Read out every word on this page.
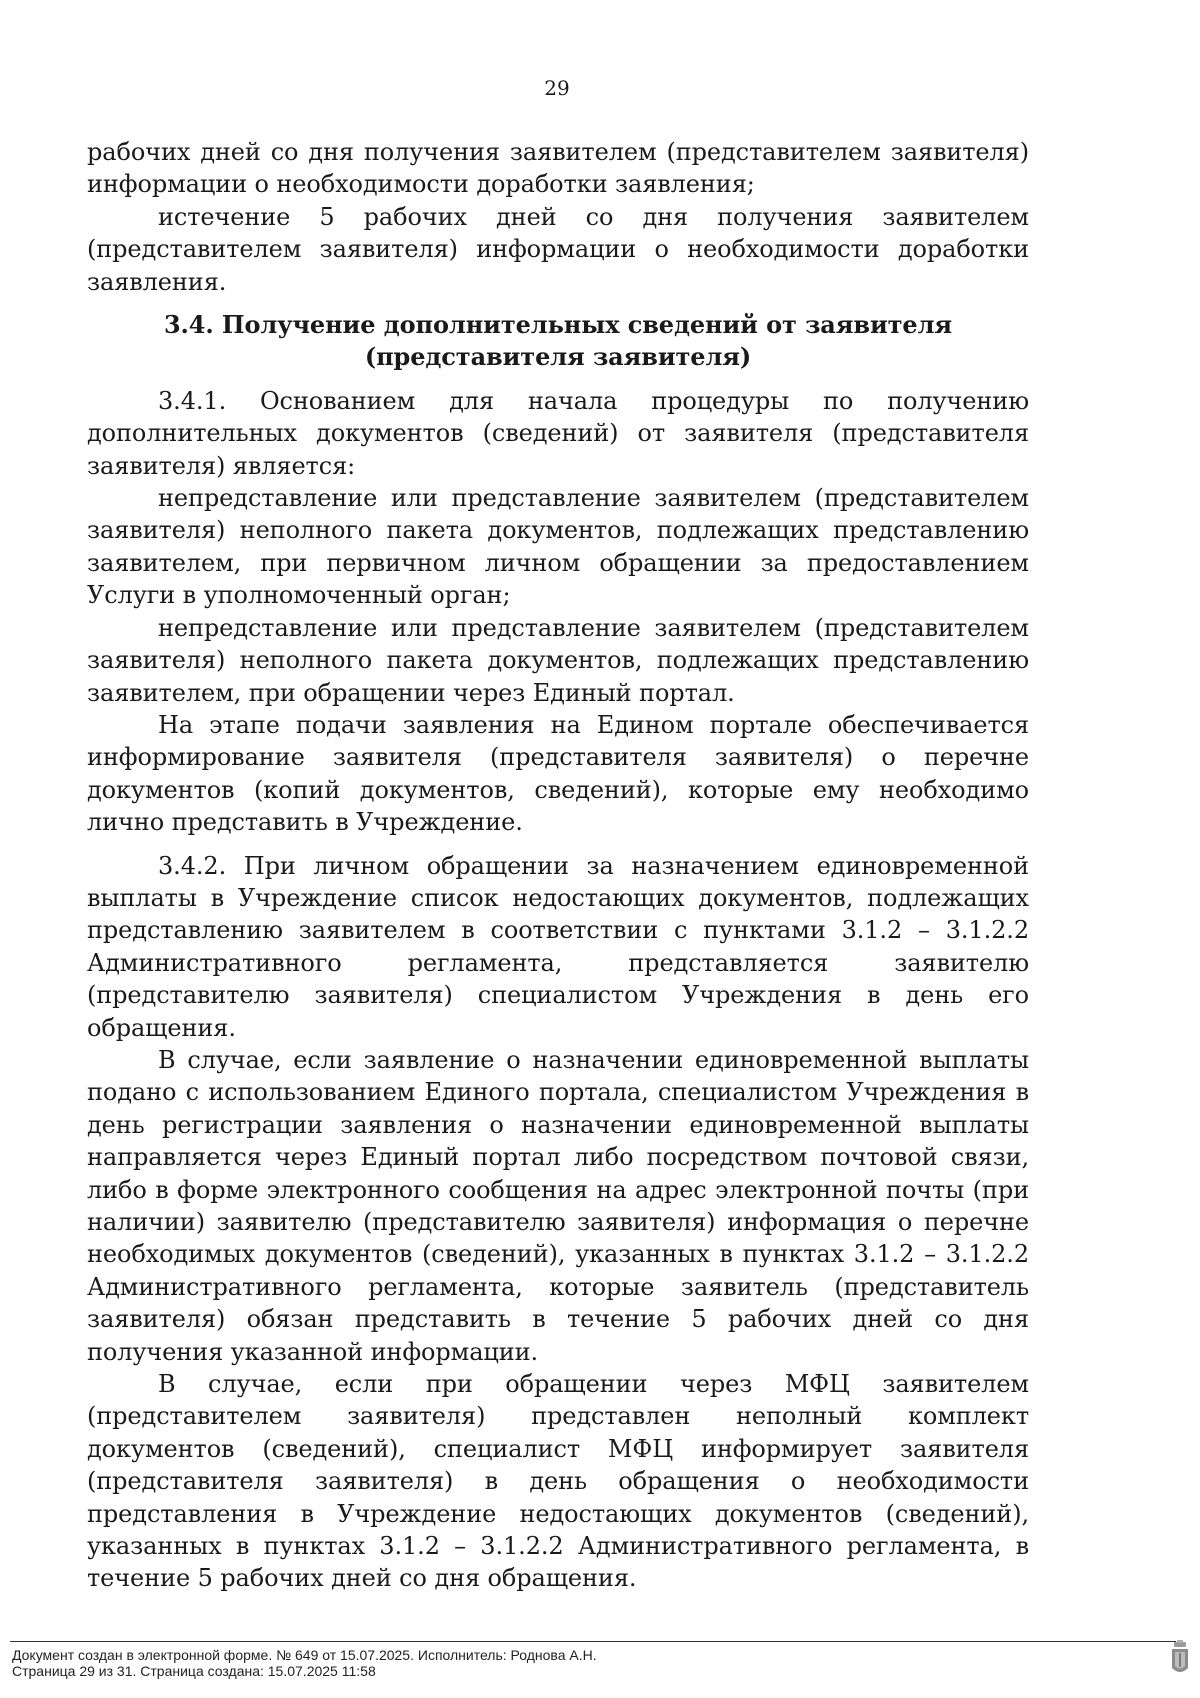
29

рабочих дней со дня получения заявителем (представителем заявителя) информации о необходимости доработки заявления;

истечение 5 рабочих дней со дня получения заявителем (представителем заявителя) информации о необходимости доработки заявления.

3.4. Получение дополнительных сведений от заявителя (представителя заявителя)

3.4.1. Основанием для начала процедуры по получению дополнительных документов (сведений) от заявителя (представителя заявителя) является:

непредставление или представление заявителем (представителем заявителя) неполного пакета документов, подлежащих представлению заявителем, при первичном личном обращении за предоставлением Услуги в уполномоченный орган;

непредставление или представление заявителем (представителем заявителя) неполного пакета документов, подлежащих представлению заявителем, при обращении через Единый портал.

На этапе подачи заявления на Едином портале обеспечивается информирование заявителя (представителя заявителя) о перечне документов (копий документов, сведений), которые ему необходимо лично представить в Учреждение.

3.4.2. При личном обращении за назначением единовременной выплаты в Учреждение список недостающих документов, подлежащих представлению заявителем в соответствии с пунктами 3.1.2 – 3.1.2.2 Административного регламента, представляется заявителю (представителю заявителя) специалистом Учреждения в день его обращения.

В случае, если заявление о назначении единовременной выплаты подано с использованием Единого портала, специалистом Учреждения в день регистрации заявления о назначении единовременной выплаты направляется через Единый портал либо посредством почтовой связи, либо в форме электронного сообщения на адрес электронной почты (при наличии) заявителю (представителю заявителя) информация о перечне необходимых документов (сведений), указанных в пунктах 3.1.2 – 3.1.2.2 Административного регламента, которые заявитель (представитель заявителя) обязан представить в течение 5 рабочих дней со дня получения указанной информации.

В случае, если при обращении через МФЦ заявителем (представителем заявителя) представлен неполный комплект документов (сведений), специалист МФЦ информирует заявителя (представителя заявителя) в день обращения о необходимости представления в Учреждение недостающих документов (сведений), указанных в пунктах 3.1.2 – 3.1.2.2 Административного регламента, в течение 5 рабочих дней со дня обращения.

Документ создан в электронной форме. № 649 от 15.07.2025. Исполнитель: Роднова А.Н.
Страница 29 из 31. Страница создана: 15.07.2025 11:58
